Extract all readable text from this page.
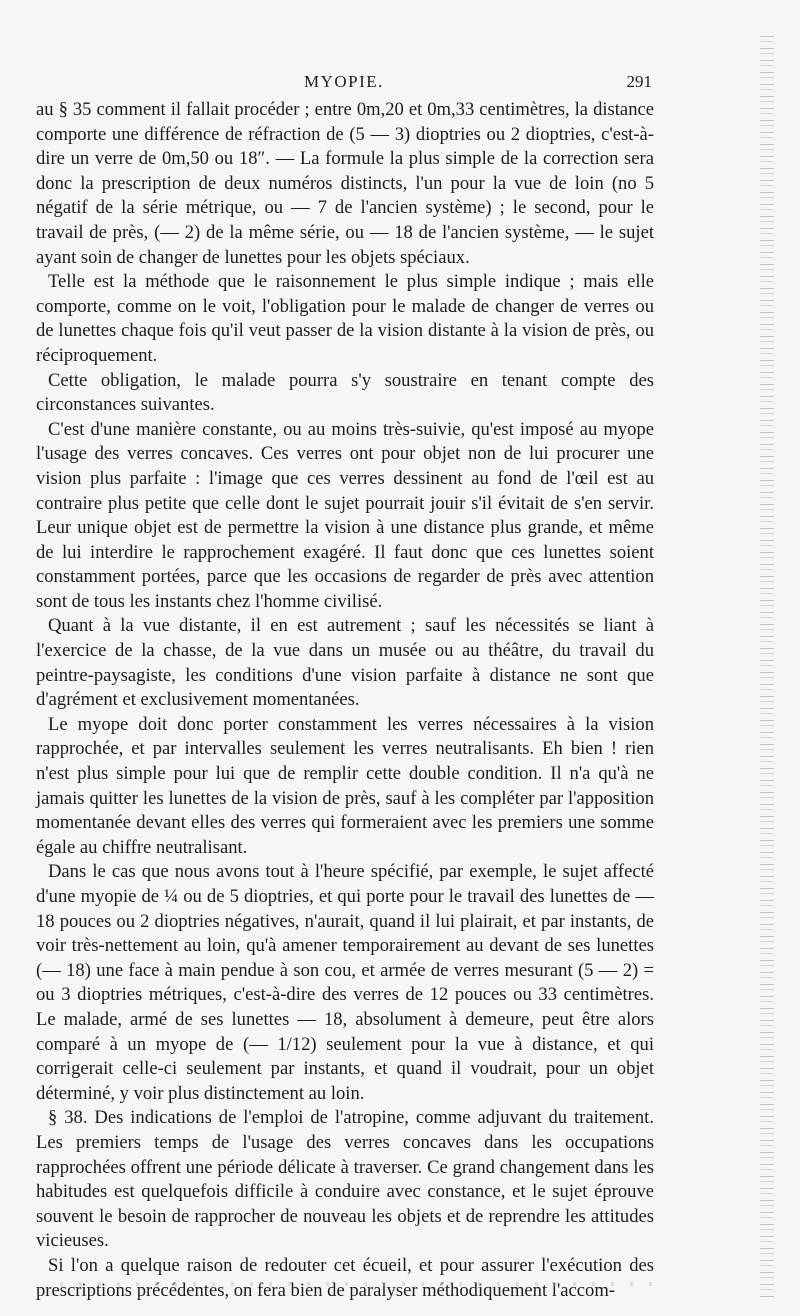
MYOPIE.	291

au § 35 comment il fallait procéder ; entre 0m,20 et 0m,33 centimètres, la distance comporte une différence de réfraction de (5 — 3) dioptries ou 2 dioptries, c'est-à-dire un verre de 0m,50 ou 18″. — La formule la plus simple de la correction sera donc la prescription de deux numéros distincts, l'un pour la vue de loin (no 5 négatif de la série métrique, ou — 7 de l'ancien système) ; le second, pour le travail de près, (— 2) de la même série, ou — 18 de l'ancien système, — le sujet ayant soin de changer de lunettes pour les objets spéciaux.

Telle est la méthode que le raisonnement le plus simple indique ; mais elle comporte, comme on le voit, l'obligation pour le malade de changer de verres ou de lunettes chaque fois qu'il veut passer de la vision distante à la vision de près, ou réciproquement.

Cette obligation, le malade pourra s'y soustraire en tenant compte des circonstances suivantes.

C'est d'une manière constante, ou au moins très-suivie, qu'est imposé au myope l'usage des verres concaves. Ces verres ont pour objet non de lui procurer une vision plus parfaite : l'image que ces verres dessinent au fond de l'œil est au contraire plus petite que celle dont le sujet pourrait jouir s'il évitait de s'en servir. Leur unique objet est de permettre la vision à une distance plus grande, et même de lui interdire le rapprochement exagéré. Il faut donc que ces lunettes soient constamment portées, parce que les occasions de regarder de près avec attention sont de tous les instants chez l'homme civilisé.

Quant à la vue distante, il en est autrement ; sauf les nécessités se liant à l'exercice de la chasse, de la vue dans un musée ou au théâtre, du travail du peintre-paysagiste, les conditions d'une vision parfaite à distance ne sont que d'agrément et exclusivement momentanées.

Le myope doit donc porter constamment les verres nécessaires à la vision rapprochée, et par intervalles seulement les verres neutralisants. Eh bien ! rien n'est plus simple pour lui que de remplir cette double condition. Il n'a qu'à ne jamais quitter les lunettes de la vision de près, sauf à les compléter par l'apposition momentanée devant elles des verres qui formeraient avec les premiers une somme égale au chiffre neutralisant.

Dans le cas que nous avons tout à l'heure spécifié, par exemple, le sujet affecté d'une myopie de ¼ ou de 5 dioptries, et qui porte pour le travail des lunettes de — 18 pouces ou 2 dioptries négatives, n'aurait, quand il lui plairait, et par instants, de voir très-nettement au loin, qu'à amener temporairement au devant de ses lunettes (— 18) une face à main pendue à son cou, et armée de verres mesurant (5 — 2) = ou 3 dioptries métriques, c'est-à-dire des verres de 12 pouces ou 33 centimètres. Le malade, armé de ses lunettes — 18, absolument à demeure, peut être alors comparé à un myope de (— 1/12) seulement pour la vue à distance, et qui corrigerait celle-ci seulement par instants, et quand il voudrait, pour un objet déterminé, y voir plus distinctement au loin.

§ 38. Des indications de l'emploi de l'atropine, comme adjuvant du traitement. Les premiers temps de l'usage des verres concaves dans les occupations rapprochées offrent une période délicate à traverser. Ce grand changement dans les habitudes est quelquefois difficile à conduire avec constance, et le sujet éprouve souvent le besoin de rapprocher de nouveau les objets et de reprendre les attitudes vicieuses.

Si l'on a quelque raison de redouter cet écueil, et pour assurer l'exécution des prescriptions précédentes, on fera bien de paralyser méthodiquement l'accom-
